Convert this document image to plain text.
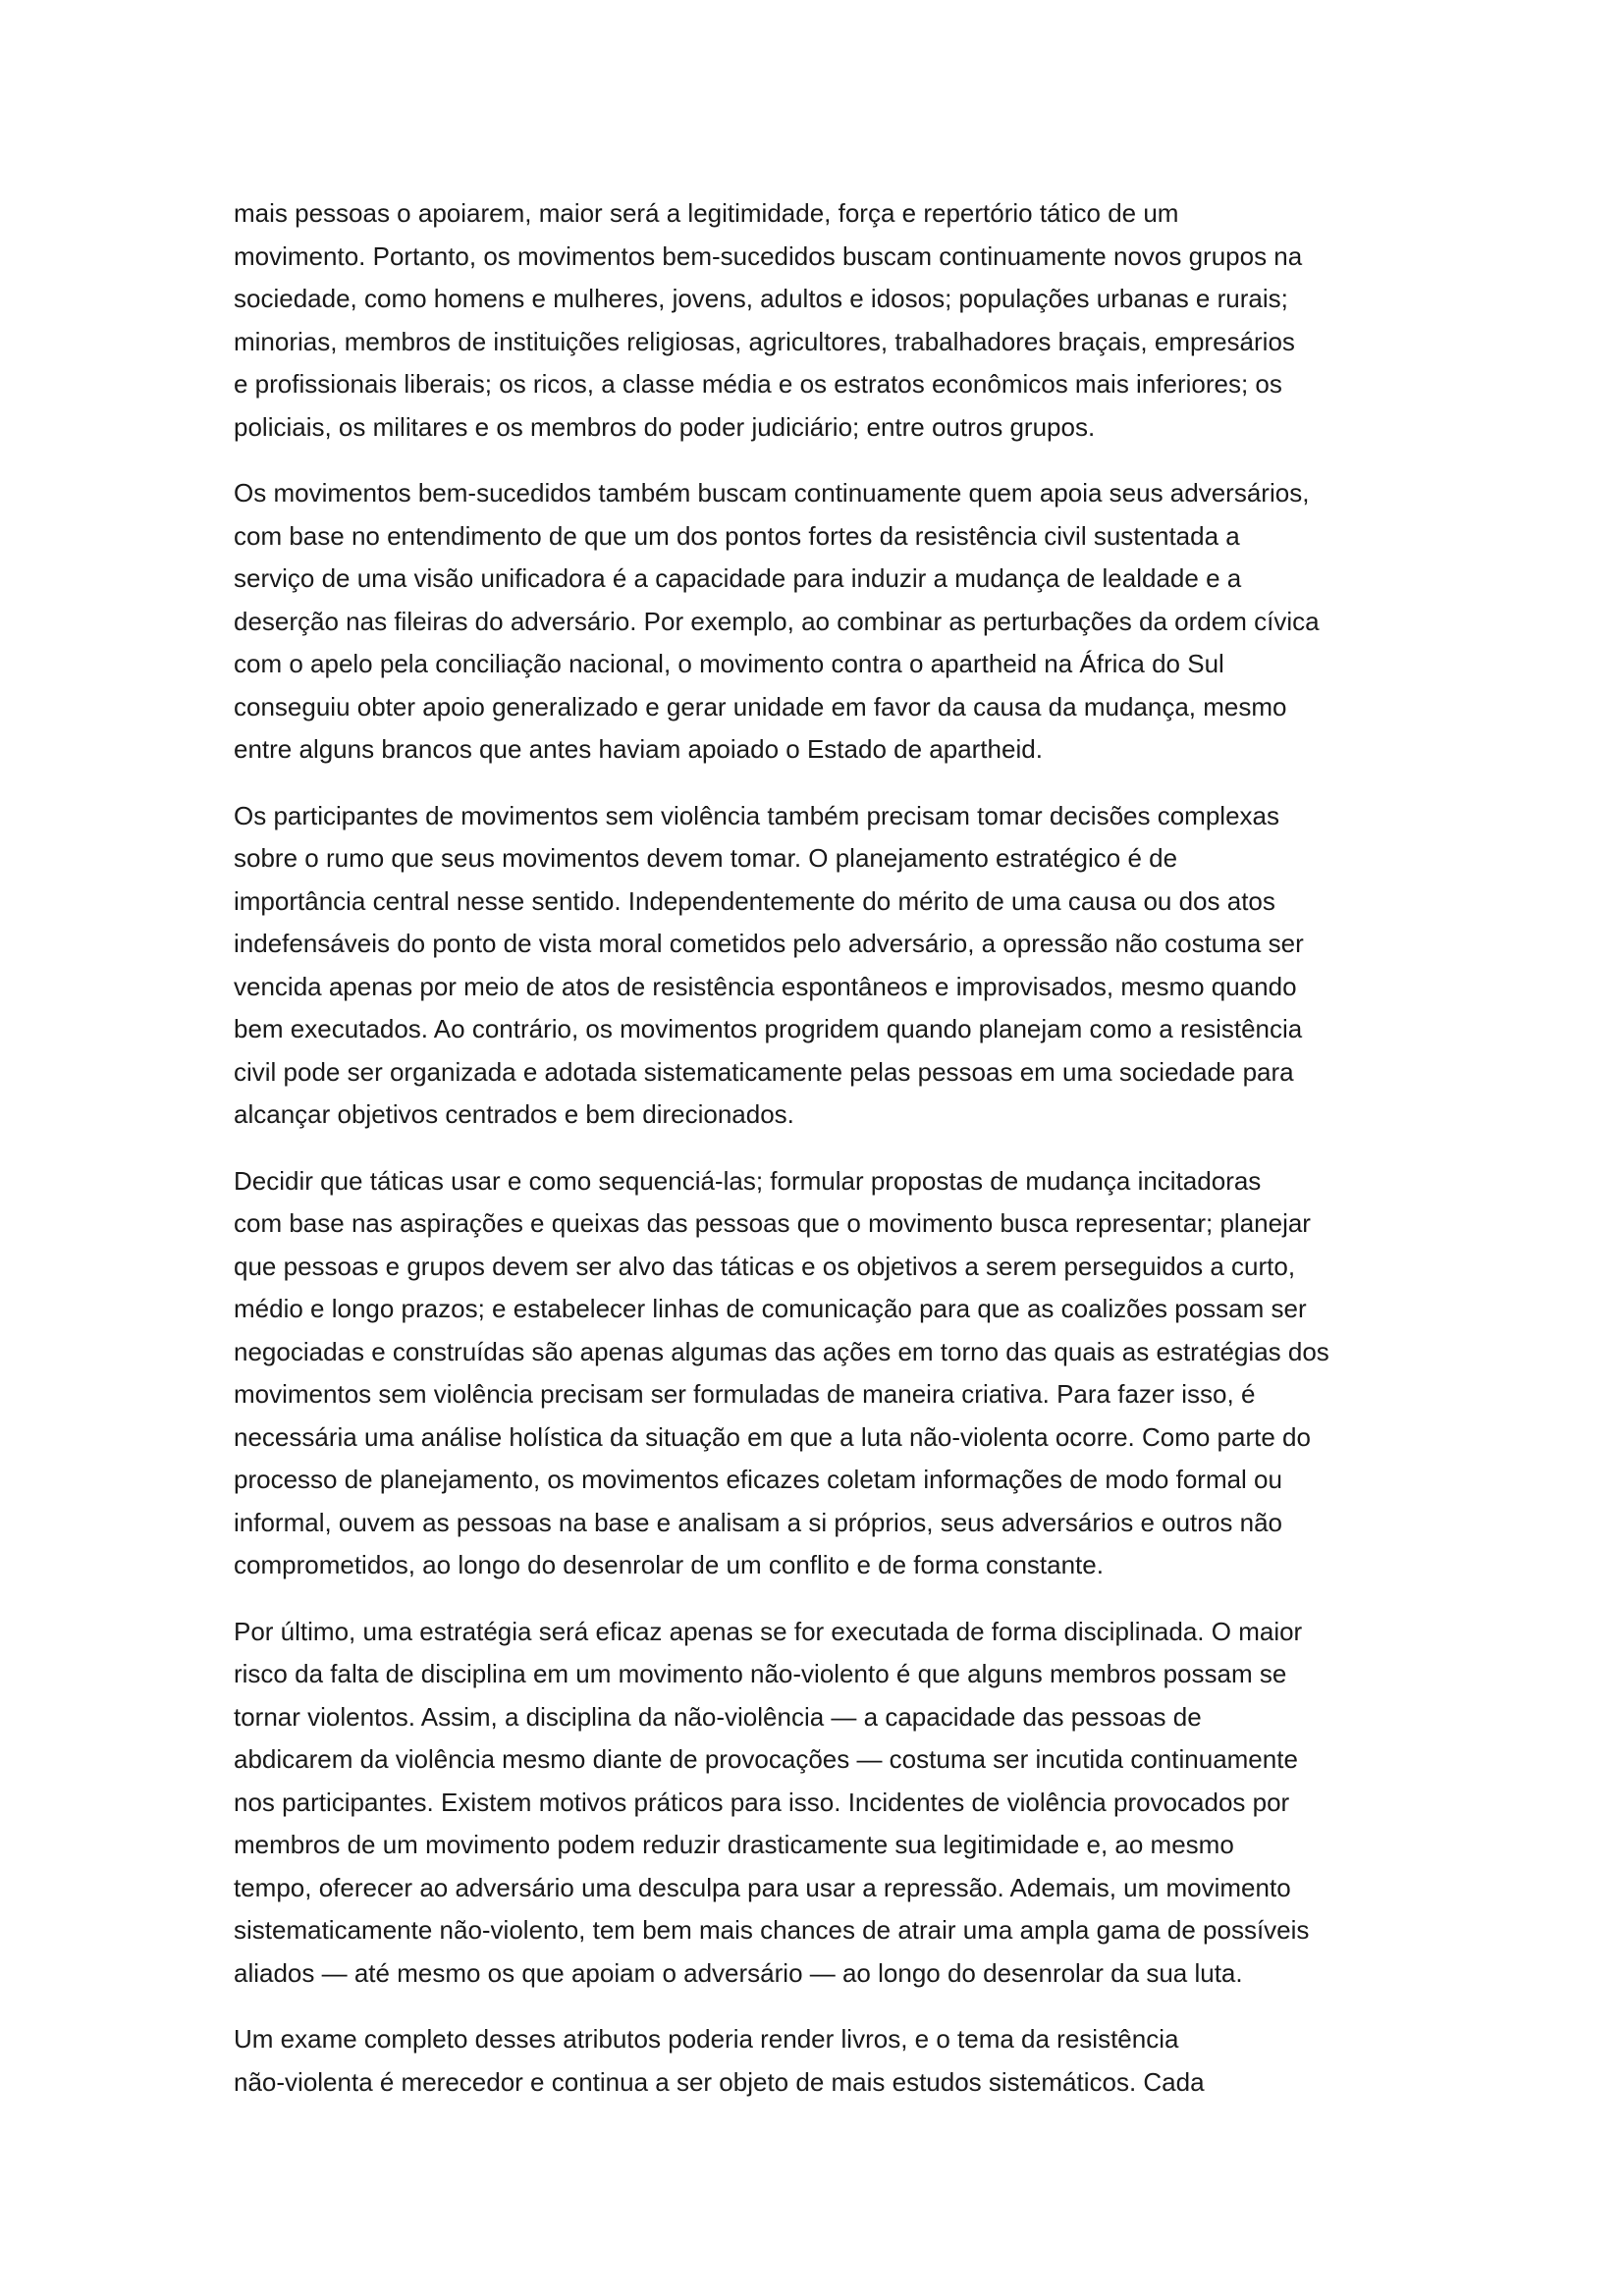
mais pessoas o apoiarem, maior será a legitimidade, força e repertório tático de um
movimento. Portanto, os movimentos bem-sucedidos buscam continuamente novos grupos na
sociedade, como homens e mulheres, jovens, adultos e idosos; populações urbanas e rurais;
minorias, membros de instituições religiosas, agricultores, trabalhadores braçais, empresários
e profissionais liberais; os ricos, a classe média e os estratos econômicos mais inferiores; os
policiais, os militares e os membros do poder judiciário; entre outros grupos.

Os movimentos bem-sucedidos também buscam continuamente quem apoia seus adversários,
com base no entendimento de que um dos pontos fortes da resistência civil sustentada a
serviço de uma visão unificadora é a capacidade para induzir a mudança de lealdade e a
deserção nas fileiras do adversário. Por exemplo, ao combinar as perturbações da ordem cívica
com o apelo pela conciliação nacional, o movimento contra o apartheid na África do Sul
conseguiu obter apoio generalizado e gerar unidade em favor da causa da mudança, mesmo
entre alguns brancos que antes haviam apoiado o Estado de apartheid.

Os participantes de movimentos sem violência também precisam tomar decisões complexas
sobre o rumo que seus movimentos devem tomar. O planejamento estratégico é de
importância central nesse sentido. Independentemente do mérito de uma causa ou dos atos
indefensáveis do ponto de vista moral cometidos pelo adversário, a opressão não costuma ser
vencida apenas por meio de atos de resistência espontâneos e improvisados, mesmo quando
bem executados. Ao contrário, os movimentos progridem quando planejam como a resistência
civil pode ser organizada e adotada sistematicamente pelas pessoas em uma sociedade para
alcançar objetivos centrados e bem direcionados.

Decidir que táticas usar e como sequenciá-las; formular propostas de mudança incitadoras
com base nas aspirações e queixas das pessoas que o movimento busca representar; planejar
que pessoas e grupos devem ser alvo das táticas e os objetivos a serem perseguidos a curto,
médio e longo prazos; e estabelecer linhas de comunicação para que as coalizões possam ser
negociadas e construídas são apenas algumas das ações em torno das quais as estratégias dos
movimentos sem violência precisam ser formuladas de maneira criativa. Para fazer isso, é
necessária uma análise holística da situação em que a luta não-violenta ocorre. Como parte do
processo de planejamento, os movimentos eficazes coletam informações de modo formal ou
informal, ouvem as pessoas na base e analisam a si próprios, seus adversários e outros não
comprometidos, ao longo do desenrolar de um conflito e de forma constante.

Por último, uma estratégia será eficaz apenas se for executada de forma disciplinada. O maior
risco da falta de disciplina em um movimento não-violento é que alguns membros possam se
tornar violentos. Assim, a disciplina da não-violência — a capacidade das pessoas de
abdicarem da violência mesmo diante de provocações — costuma ser incutida continuamente
nos participantes. Existem motivos práticos para isso. Incidentes de violência provocados por
membros de um movimento podem reduzir drasticamente sua legitimidade e, ao mesmo
tempo, oferecer ao adversário uma desculpa para usar a repressão. Ademais, um movimento
sistematicamente não-violento, tem bem mais chances de atrair uma ampla gama de possíveis
aliados — até mesmo os que apoiam o adversário — ao longo do desenrolar da sua luta.

Um exame completo desses atributos poderia render livros, e o tema da resistência
não-violenta é merecedor e continua a ser objeto de mais estudos sistemáticos. Cada
